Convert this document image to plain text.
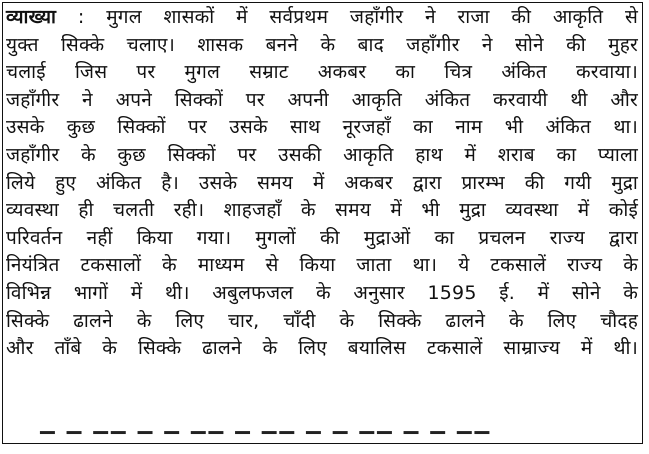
व्याख्या : मुगल शासकों में सर्वप्रथम जहाँगीर ने राजा की आकृति से
युक्त सिक्के चलाए। शासक बनने के बाद जहाँगीर ने सोने की मुहर
चलाई जिस पर मुगल सम्राट अकबर का चित्र अंकित करवाया।
जहाँगीर ने अपने सिक्कों पर अपनी आकृति अंकित करवायी थी और
उसके कुछ सिक्कों पर उसके साथ नूरजहाँ का नाम भी अंकित था।
जहाँगीर के कुछ सिक्कों पर उसकी आकृति हाथ में शराब का प्याला
लिये हुए अंकित है। उसके समय में अकबर द्वारा प्रारम्भ की गयी मुद्रा
व्यवस्था ही चलती रही। शाहजहाँ के समय में भी मुद्रा व्यवस्था में कोई
परिवर्तन नहीं किया गया। मुगलों की मुद्राओं का प्रचलन राज्य द्वारा
नियंत्रित टकसालों के माध्यम से किया जाता था। ये टकसालें राज्य के
विभिन्न भागों में थी। अबुलफजल के अनुसार 1595 ई. में सोने के
सिक्के ढालने के लिए चार, चाँदी के सिक्के ढालने के लिए चौदह
और ताँबे के सिक्के ढालने के लिए बयालिस टकसालें साम्राज्य में थी।
▔ ▔ ▔▔ ▔ ▔ ▔▔ ▔ ▔▔ ▔ ▔ ▔▔ ▔ ▔ ▔▔
